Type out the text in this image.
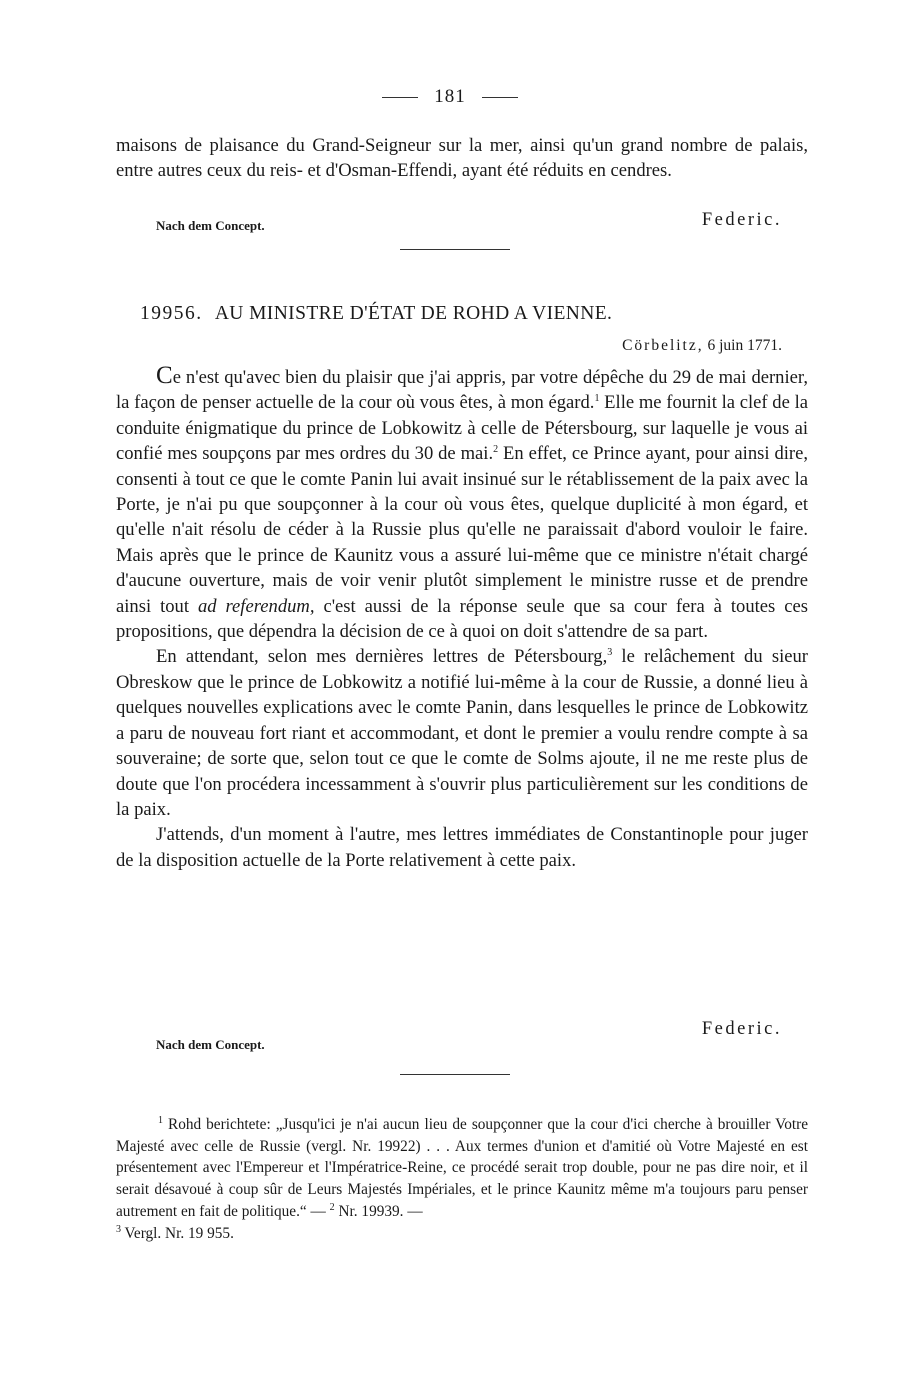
181

maisons de plaisance du Grand-Seigneur sur la mer, ainsi qu'un grand nombre de palais, entre autres ceux du reis- et d'Osman-Effendi, ayant été réduits en cendres.

Nach dem Concept.	Federic.
19956. AU MINISTRE D'ÉTAT DE ROHD A VIENNE.
Cörbelitz, 6 juin 1771.

Ce n'est qu'avec bien du plaisir que j'ai appris, par votre dépêche du 29 de mai dernier, la façon de penser actuelle de la cour où vous êtes, à mon égard.$^1$ Elle me fournit la clef de la conduite énigmatique du prince de Lobkowitz à celle de Pétersbourg, sur laquelle je vous ai confié mes soupçons par mes ordres du 30 de mai.$^2$ En effet, ce Prince ayant, pour ainsi dire, consenti à tout ce que le comte Panin lui avait insinué sur le rétablissement de la paix avec la Porte, je n'ai pu que soupçonner à la cour où vous êtes, quelque duplicité à mon égard, et qu'elle n'ait résolu de céder à la Russie plus qu'elle ne paraissait d'abord vouloir le faire. Mais après que le prince de Kaunitz vous a assuré lui-même que ce ministre n'était chargé d'aucune ouverture, mais de voir venir plutôt simplement le ministre russe et de prendre ainsi tout ad referendum, c'est aussi de la réponse seule que sa cour fera à toutes ces propositions, que dépendra la décision de ce à quoi on doit s'attendre de sa part.

En attendant, selon mes dernières lettres de Pétersbourg,$^3$ le relâchement du sieur Obreskow que le prince de Lobkowitz a notifié lui-même à la cour de Russie, a donné lieu à quelques nouvelles explications avec le comte Panin, dans lesquelles le prince de Lobkowitz a paru de nouveau fort riant et accommodant, et dont le premier a voulu rendre compte à sa souveraine; de sorte que, selon tout ce que le comte de Solms ajoute, il ne me reste plus de doute que l'on procédera incessamment à s'ouvrir plus particulièrement sur les conditions de la paix.

J'attends, d'un moment à l'autre, mes lettres immédiates de Constantinople pour juger de la disposition actuelle de la Porte relativement à cette paix.

Nach dem Concept.
Federic.

$^1$ Rohd berichtete: „Jusqu'ici je n'ai aucun lieu de soupçonner que la cour d'ici cherche à brouiller Votre Majesté avec celle de Russie (vergl. Nr. 19922) . . . Aux termes d'union et d'amitié où Votre Majesté en est présentement avec l'Empereur et l'Impératrice-Reine, ce procédé serait trop double, pour ne pas dire noir, et il serait désavoué à coup sûr de Leurs Majestés Impériales, et le prince Kaunitz même m'a toujours paru penser autrement en fait de politique.“ — $^2$ Nr. 19939. —

$^3$ Vergl. Nr. 19 955.
